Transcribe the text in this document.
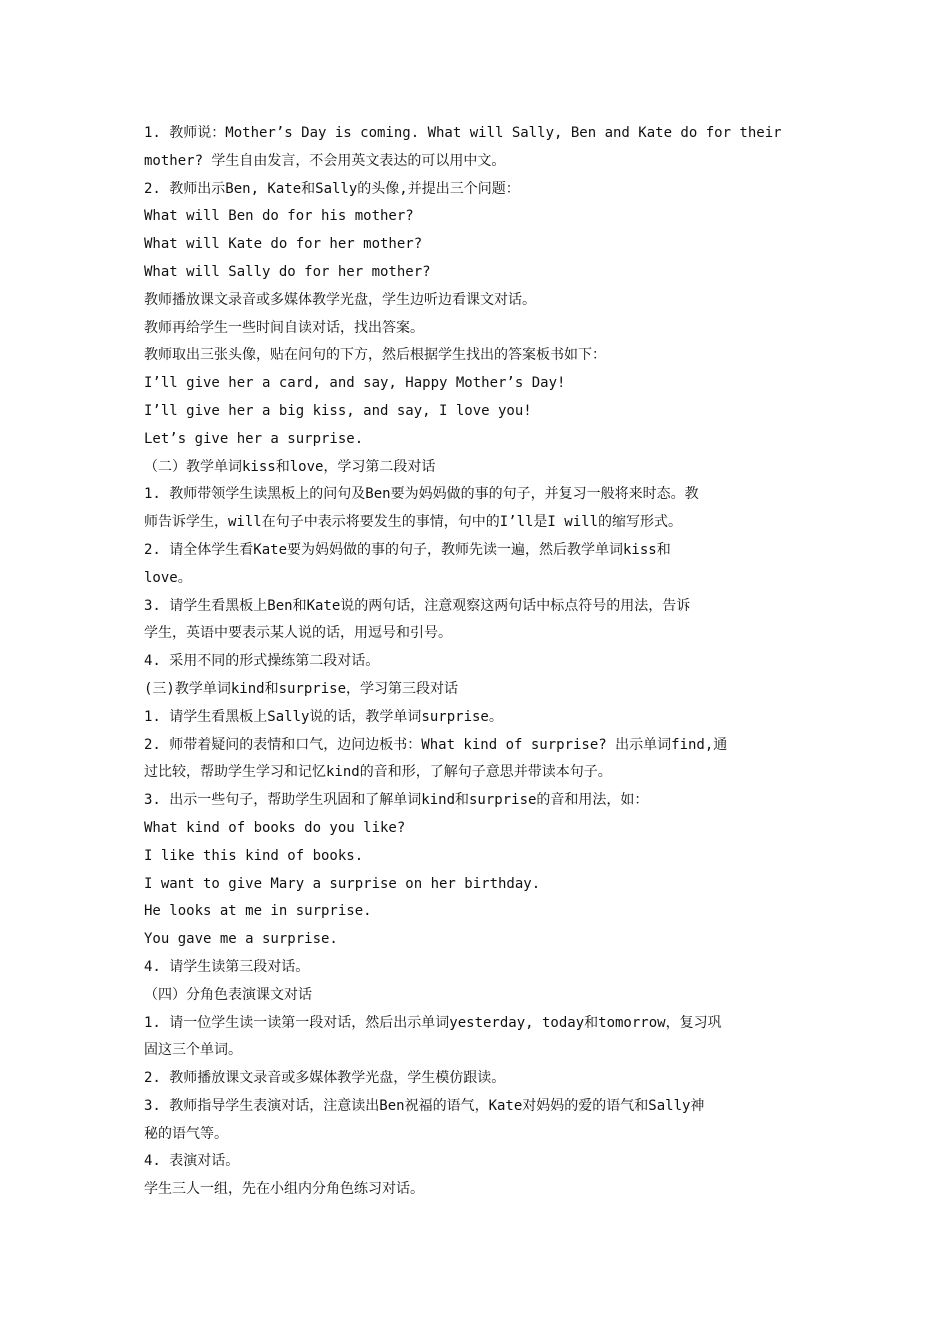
1. 教师说：Mother’s Day is coming. What will Sally, Ben and Kate do for their
mother? 学生自由发言，不会用英文表达的可以用中文。
2. 教师出示Ben, Kate和Sally的头像,并提出三个问题：
What will Ben do for his mother?
What will Kate do for her mother?
What will Sally do for her mother?
教师播放课文录音或多媒体教学光盘，学生边听边看课文对话。
教师再给学生一些时间自读对话，找出答案。
教师取出三张头像，贴在问句的下方，然后根据学生找出的答案板书如下：
I’ll give her a card, and say, Happy Mother’s Day!
I’ll give her a big kiss, and say, I love you!
Let’s give her a surprise.
（二）教学单词kiss和love，学习第二段对话
1. 教师带领学生读黑板上的问句及Ben要为妈妈做的事的句子，并复习一般将来时态。教
师告诉学生，will在句子中表示将要发生的事情，句中的I’ll是I will的缩写形式。
2. 请全体学生看Kate要为妈妈做的事的句子，教师先读一遍，然后教学单词kiss和
love。
3. 请学生看黑板上Ben和Kate说的两句话，注意观察这两句话中标点符号的用法，告诉
学生，英语中要表示某人说的话，用逗号和引号。
4. 采用不同的形式操练第二段对话。
(三)教学单词kind和surprise，学习第三段对话
1. 请学生看黑板上Sally说的话，教学单词surprise。
2. 师带着疑问的表情和口气，边问边板书：What kind of surprise? 出示单词find,通
过比较，帮助学生学习和记忆kind的音和形，了解句子意思并带读本句子。
3. 出示一些句子，帮助学生巩固和了解单词kind和surprise的音和用法，如：
What kind of books do you like?
I like this kind of books.
I want to give Mary a surprise on her birthday.
He looks at me in surprise.
You gave me a surprise.
4. 请学生读第三段对话。
（四）分角色表演课文对话
1. 请一位学生读一读第一段对话，然后出示单词yesterday, today和tomorrow，复习巩
固这三个单词。
2. 教师播放课文录音或多媒体教学光盘，学生模仿跟读。
3. 教师指导学生表演对话，注意读出Ben祝福的语气，Kate对妈妈的爱的语气和Sally神
秘的语气等。
4. 表演对话。
学生三人一组，先在小组内分角色练习对话。
